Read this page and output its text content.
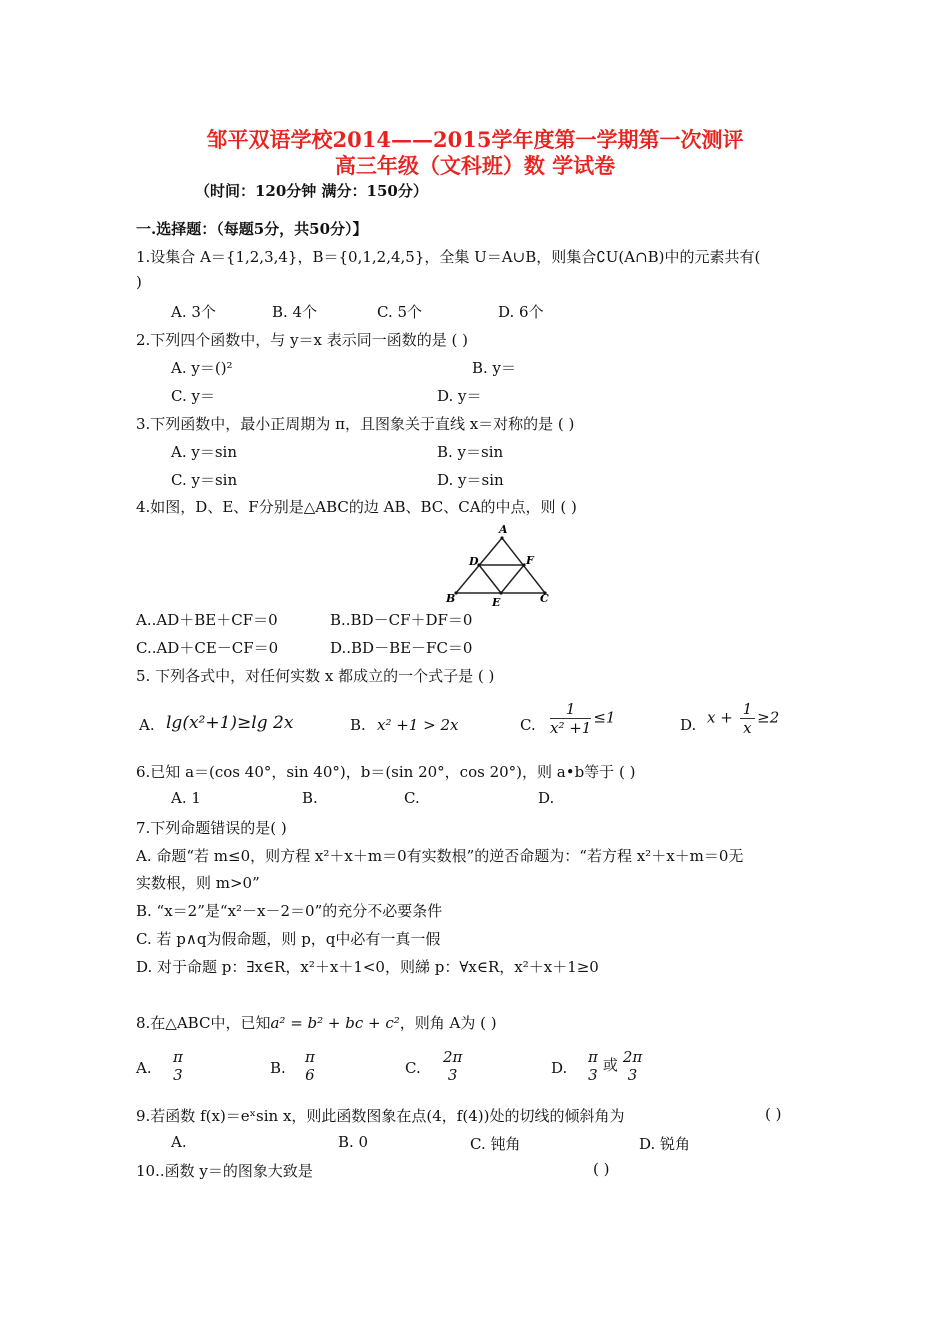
邹平双语学校2014——2015学年度第一学期第一次测评
高三年级（文科班）数 学试卷
（时间：120分钟 满分：150分）
一.选择题：（每题5分，共50分）】
1.设集合 A＝{1,2,3,4}，B＝{0,1,2,4,5}，全集 U＝A∪B，则集合∁U(A∩B)中的元素共有(
)
A. 3个	B. 4个	C. 5个	D. 6个
2.下列四个函数中，与 y＝x 表示同一函数的是 ( )
A. y＝()²	B. y＝
C. y＝	D. y＝
3.下列函数中，最小正周期为 π，且图象关于直线 x＝对称的是 ( )
A. y＝sin	B. y＝sin
C. y＝sin	D. y＝sin
4.如图，D、E、F分别是△ABC的边 AB、BC、CA的中点，则 ( )
A
D	F
B	E	C
A..AD＋BE＋CF＝0	B..BD－CF＋DF＝0
C..AD＋CE－CF＝0	D..BD－BE－FC＝0
5. 下列各式中，对任何实数 x 都成立的一个式子是 ( )
A. lg(x²+1)≥lg 2x	B. x² +1 > 2x	C. $\frac{1}{\text{x² +1}} \le 1$	D. $x + \frac{1}{x} \ge 2$
6.已知 a＝(cos 40°，sin 40°)，b＝(sin 20°，cos 20°)，则 a•b等于 ( )
A. 1	B.	C.	D.
7.下列命题错误的是( )
A. 命题“若 m≤0，则方程 x²＋x＋m＝0有实数根”的逆否命题为：“若方程 x²＋x＋m＝0无
实数根，则 m>0”
B. “x＝2”是“x²－x－2＝0”的充分不必要条件
C. 若 p∧q为假命题，则 p，q中必有一真一假
D. 对于命题 p：∃x∈R，x²＋x＋1<0，则綈 p：∀x∈R，x²＋x＋1≥0
8.在△ABC中，已知a² = b² + bc + c²，则角 A为 ( )
A.
π
3	B.
π
6	C.
2π
3	D.
π
3
或 2π
3
9.若函数 f(x)＝eˣsin x，则此函数图象在点(4，f(4))处的切线的倾斜角为	( )
A.	B. 0	C. 钝角	D. 锐角
10..函数 y＝的图象大致是	( )
